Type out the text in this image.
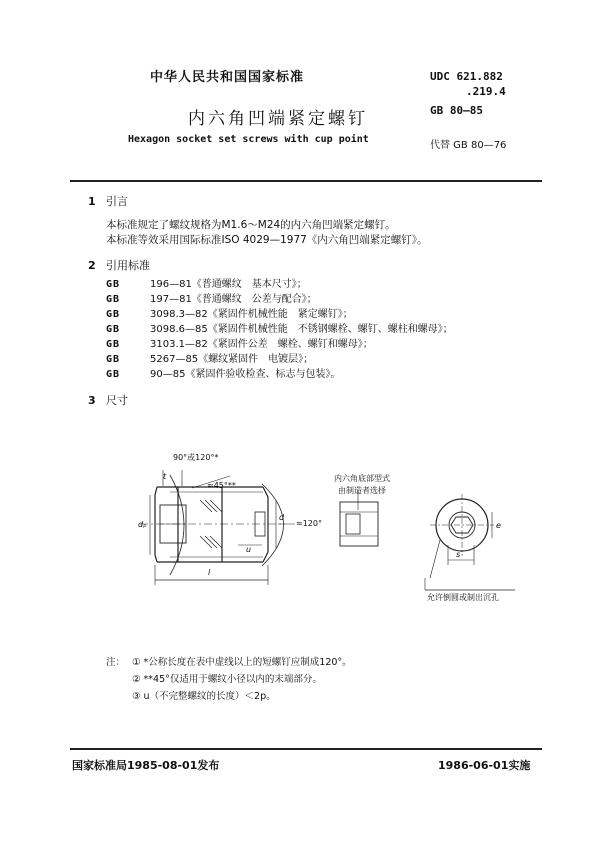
中华人民共和国国家标准	UDC 621.882
.219.4
内六角凹端紧定螺钉	GB 80—85
Hexagon socket set screws with cup point
代替 GB 80—76
1 引言
本标准规定了螺纹规格为M1.6～M24的内六角凹端紧定螺钉。
本标准等效采用国际标准ISO 4029—1977《内六角凹端紧定螺钉》。
2 引用标准
GB	196—81《普通螺纹　基本尺寸》；
GB	197—81《普通螺纹　公差与配合》；
GB	3098.3—82《紧固件机械性能　紧定螺钉》；
GB	3098.6—85《紧固件机械性能　不锈钢螺栓、螺钉、螺柱和螺母》；
GB	3103.1—82《紧固件公差　螺栓、螺钉和螺母》；
GB	5267—85《螺纹紧固件　电镀层》；
GB	90—85《紧固件验收检查、标志与包装》。
3 尺寸
90°或120°*
≈45°**
≈120°
t
dₚ
d
u
l
s
e
内六角底部型式
由制造者选择
允许倒圆或制出沉孔
注： ① *公称长度在表中虚线以上的短螺钉应制成120°。
② **45°仅适用于螺纹小径以内的末端部分。
③ u（不完整螺纹的长度）＜2p。
国家标准局1985-08-01发布	1986-06-01实施
